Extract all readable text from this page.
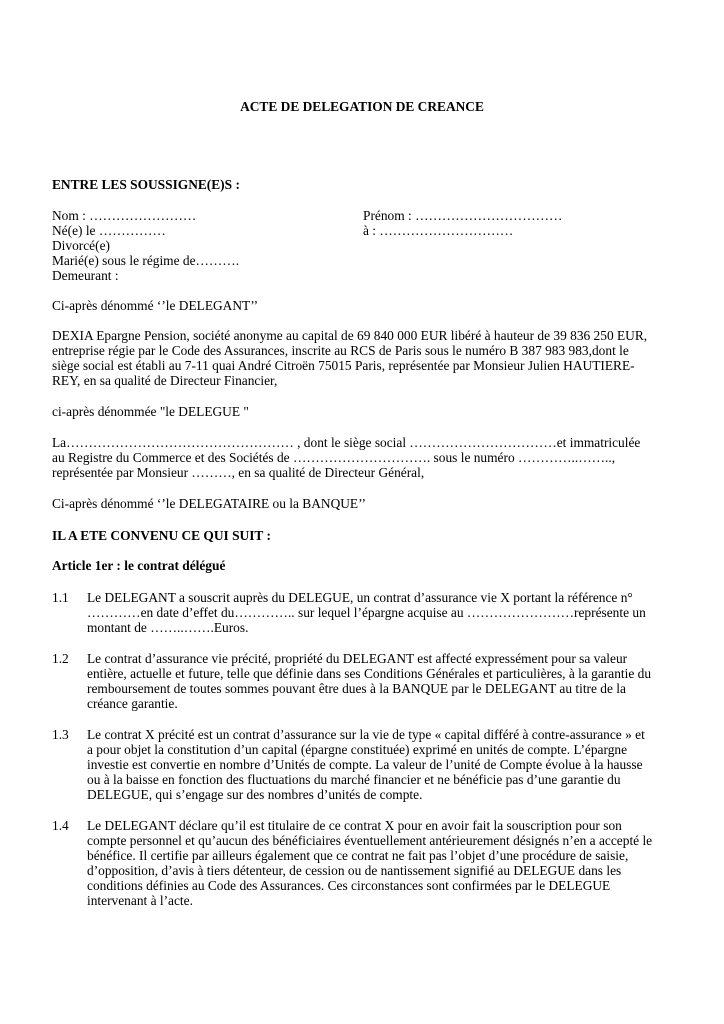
ACTE DE DELEGATION DE CREANCE
ENTRE LES SOUSSIGNE(E)S :
Nom : ……………………	Prénom : ……………………………
Né(e) le ……………	à : …………………………
Divorcé(e)
Marié(e) sous le régime de……….
Demeurant :
Ci-après dénommé ‘’le DELEGANT’’
DEXIA Epargne Pension, société anonyme au capital de 69 840 000 EUR libéré à hauteur de 39 836 250 EUR,
entreprise régie par le Code des Assurances, inscrite au RCS de Paris sous le numéro B 387 983 983,dont le
siège social est établi au 7-11 quai André Citroën 75015 Paris, représentée par Monsieur Julien HAUTIERE-
REY, en sa qualité de Directeur Financier,
ci-après dénommée "le DELEGUE "
La…………………………………………… , dont le siège social ……………………………et immatriculée
au Registre du Commerce et des Sociétés de …………………………. sous le numéro …………..……..,
représentée par Monsieur ………, en sa qualité de Directeur Général,
Ci-après dénommé ‘’le DELEGATAIRE ou la BANQUE’’
IL A ETE CONVENU CE QUI SUIT :
Article 1er : le contrat délégué
1.1 Le DELEGANT a souscrit auprès du DELEGUE, un contrat d’assurance vie X portant la référence n°
…………en date d’effet du………….. sur lequel l’épargne acquise au ……………………représente un
montant de ……..…….Euros.
1.2 Le contrat d’assurance vie précité, propriété du DELEGANT est affecté expressément pour sa valeur
entière, actuelle et future, telle que définie dans ses Conditions Générales et particulières, à la garantie du
remboursement de toutes sommes pouvant être dues à la BANQUE par le DELEGANT au titre de la
créance garantie.
1.3 Le contrat X précité est un contrat d’assurance sur la vie de type « capital différé à contre-assurance » et
a pour objet la constitution d’un capital (épargne constituée) exprimé en unités de compte. L’épargne
investie est convertie en nombre d’Unités de compte. La valeur de l’unité de Compte évolue à la hausse
ou à la baisse en fonction des fluctuations du marché financier et ne bénéficie pas d’une garantie du
DELEGUE, qui s’engage sur des nombres d’unités de compte.
1.4 Le DELEGANT déclare qu’il est titulaire de ce contrat X pour en avoir fait la souscription pour son
compte personnel et qu’aucun des bénéficiaires éventuellement antérieurement désignés n’en a accepté le
bénéfice. Il certifie par ailleurs également que ce contrat ne fait pas l’objet d’une procédure de saisie,
d’opposition, d’avis à tiers détenteur, de cession ou de nantissement signifié au DELEGUE dans les
conditions définies au Code des Assurances. Ces circonstances sont confirmées par le DELEGUE
intervenant à l’acte.
